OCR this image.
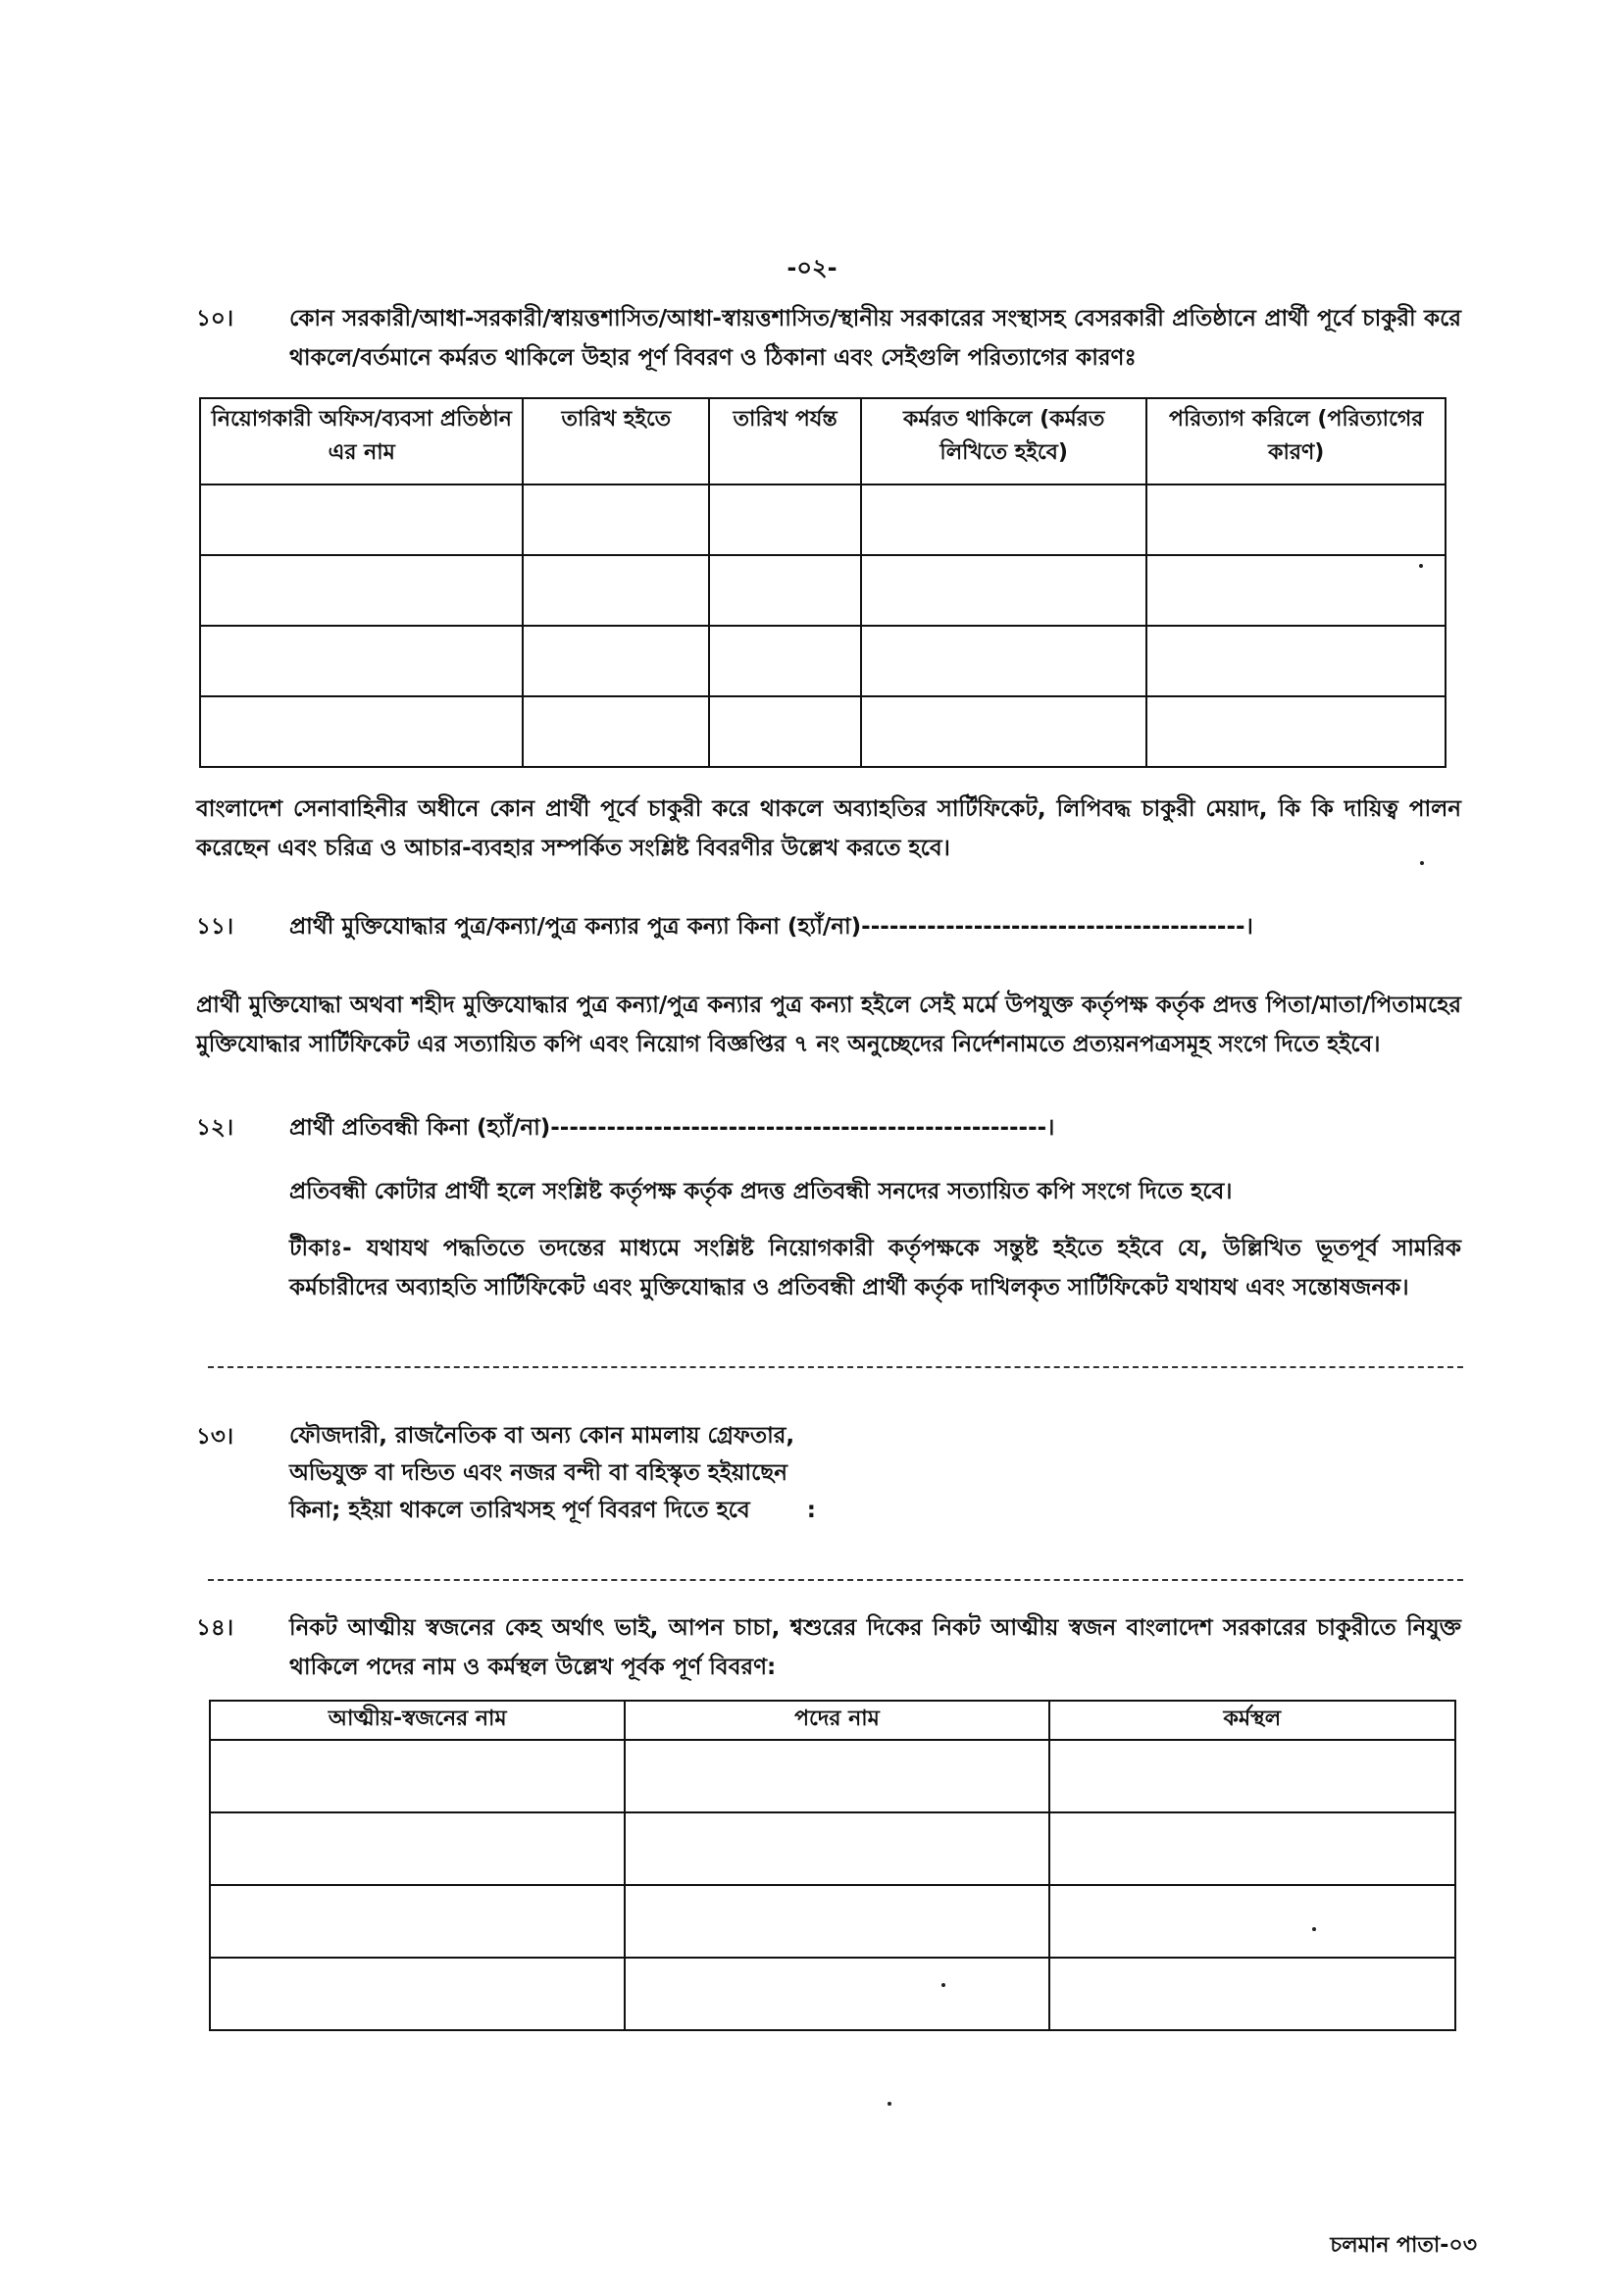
-০২-
১০।	কোন সরকারী/আধা-সরকারী/স্বায়ত্তশাসিত/আধা-স্বায়ত্তশাসিত/স্থানীয় সরকারের সংস্থাসহ বেসরকারী প্রতিষ্ঠানে প্রার্থী পূর্বে চাকুরী করে থাকলে/বর্তমানে কর্মরত থাকিলে উহার পূর্ণ বিবরণ ও ঠিকানা এবং সেইগুলি পরিত্যাগের কারণঃ
নিয়োগকারী অফিস/ব্যবসা প্রতিষ্ঠান এর নাম	তারিখ হইতে	তারিখ পর্যন্ত	কর্মরত থাকিলে (কর্মরত লিখিতে হইবে)	পরিত্যাগ করিলে (পরিত্যাগের কারণ)

বাংলাদেশ সেনাবাহিনীর অধীনে কোন প্রার্থী পূর্বে চাকুরী করে থাকলে অব্যাহতির সার্টিফিকেট, লিপিবদ্ধ চাকুরী মেয়াদ, কি কি দায়িত্ব পালন করেছেন এবং চরিত্র ও আচার-ব্যবহার সম্পর্কিত সংশ্লিষ্ট বিবরণীর উল্লেখ করতে হবে।
১১।	প্রার্থী মুক্তিযোদ্ধার পুত্র/কন্যা/পুত্র কন্যার পুত্র কন্যা কিনা (হ্যাঁ/না)-----------------------------------------।
প্রার্থী মুক্তিযোদ্ধা অথবা শহীদ মুক্তিযোদ্ধার পুত্র কন্যা/পুত্র কন্যার পুত্র কন্যা হইলে সেই মর্মে উপযুক্ত কর্তৃপক্ষ কর্তৃক প্রদত্ত পিতা/মাতা/পিতামহের মুক্তিযোদ্ধার সার্টিফিকেট এর সত্যায়িত কপি এবং নিয়োগ বিজ্ঞপ্তির ৭ নং অনুচ্ছেদের নির্দেশনামতে প্রত্যয়নপত্রসমূহ সংগে দিতে হইবে।
১২।	প্রার্থী প্রতিবন্ধী কিনা (হ্যাঁ/না)-----------------------------------------------------।
প্রতিবন্ধী কোটার প্রার্থী হলে সংশ্লিষ্ট কর্তৃপক্ষ কর্তৃক প্রদত্ত প্রতিবন্ধী সনদের সত্যায়িত কপি সংগে দিতে হবে।
টীকাঃ- যথাযথ পদ্ধতিতে তদন্তের মাধ্যমে সংশ্লিষ্ট নিয়োগকারী কর্তৃপক্ষকে সন্তুষ্ট হইতে হইবে যে, উল্লিখিত ভূতপূর্ব সামরিক কর্মচারীদের অব্যাহতি সার্টিফিকেট এবং মুক্তিযোদ্ধার ও প্রতিবন্ধী প্রার্থী কর্তৃক দাখিলকৃত সার্টিফিকেট যথাযথ এবং সন্তোষজনক।
১৩।	ফৌজদারী, রাজনৈতিক বা অন্য কোন মামলায় গ্রেফতার,
অভিযুক্ত বা দন্ডিত এবং নজর বন্দী বা বহিস্কৃত হইয়াছেন
কিনা; হইয়া থাকলে তারিখসহ পূর্ণ বিবরণ দিতে হবে	:
১৪।	নিকট আত্মীয় স্বজনের কেহ অর্থাৎ ভাই, আপন চাচা, শ্বশুরের দিকের নিকট আত্মীয় স্বজন বাংলাদেশ সরকারের চাকুরীতে নিযুক্ত থাকিলে পদের নাম ও কর্মস্থল উল্লেখ পূর্বক পূর্ণ বিবরণ:
আত্মীয়-স্বজনের নাম	পদের নাম	কর্মস্থল

চলমান পাতা-০৩
